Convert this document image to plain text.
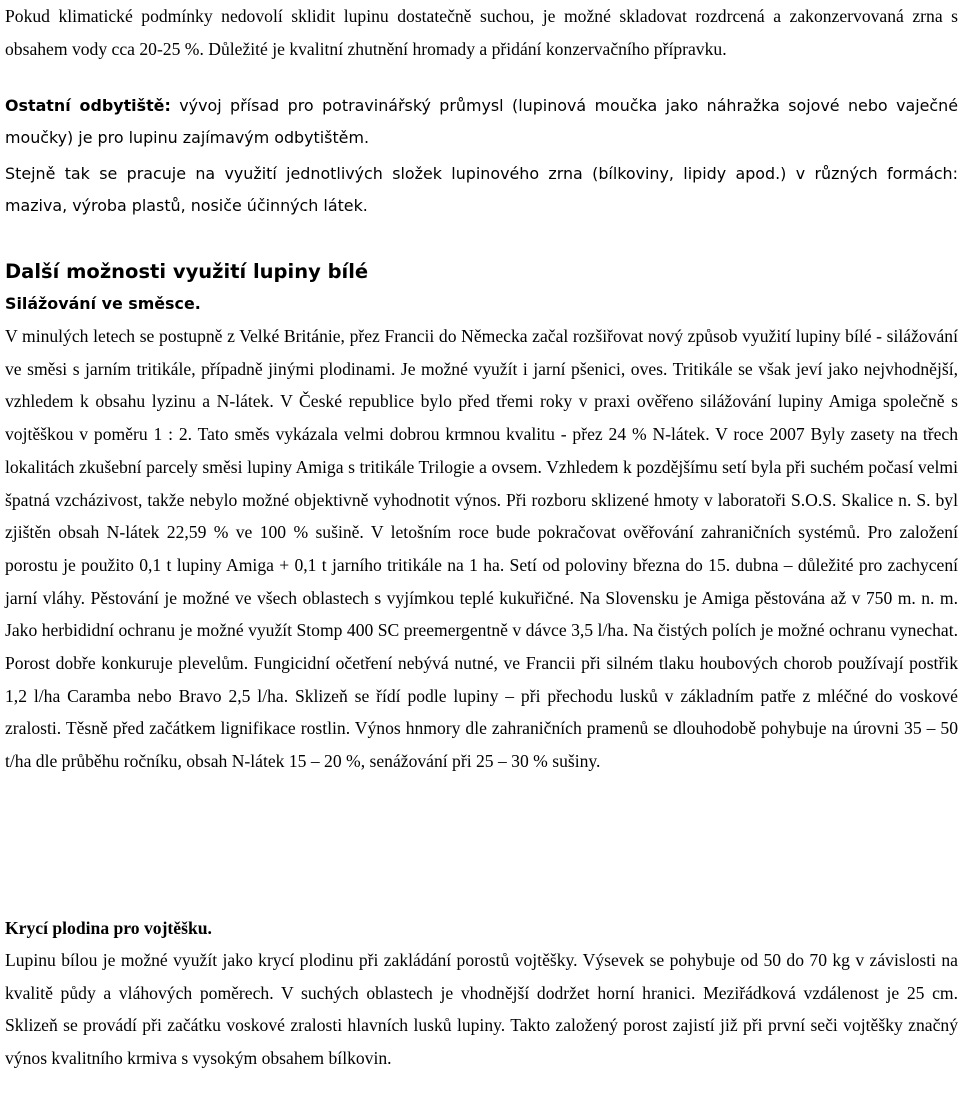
Pokud klimatické podmínky nedovolí sklidit lupinu dostatečně suchou, je možné skladovat rozdrcená a zakonzervovaná zrna s obsahem vody cca 20-25 %. Důležité je kvalitní zhutnění hromady a přidání konzervačního přípravku.

Ostatní odbytiště: vývoj přísad pro potravinářský průmysl (lupinová moučka jako náhražka sojové nebo vaječné moučky) je pro lupinu zajímavým odbytištěm.

Stejně tak se pracuje na využití jednotlivých složek lupinového zrna (bílkoviny, lipidy apod.) v různých formách: maziva, výroba plastů, nosiče účinných látek.

Další možnosti využití lupiny bílé
Silážování ve směsce.

V minulých letech se postupně z Velké Británie, přez Francii do Německa začal rozšiřovat nový způsob využití lupiny bílé - silážování ve směsi s jarním tritikále, případně jinými plodinami. Je možné využít i jarní pšenici, oves. Tritikále se však jeví jako nejvhodnější, vzhledem k obsahu lyzinu a N-látek. V České republice bylo před třemi roky v praxi ověřeno silážování lupiny Amiga společně s vojtěškou v poměru 1 : 2. Tato směs vykázala velmi dobrou krmnou kvalitu - přez 24 % N-látek. V roce 2007 Byly zasety na třech lokalitách zkušební parcely směsi lupiny Amiga s tritikále Trilogie a ovsem. Vzhledem k pozdějšímu setí byla při suchém počasí velmi špatná vzcházivost, takže nebylo možné objektivně vyhodnotit výnos. Při rozboru sklizené hmoty v laboratoři S.O.S. Skalice n. S. byl zjištěn obsah N-látek 22,59 % ve 100 % sušině. V letošním roce bude pokračovat ověřování zahraničních systémů. Pro založení porostu je použito 0,1 t lupiny Amiga + 0,1 t jarního tritikále na 1 ha. Setí od poloviny března do 15. dubna – důležité pro zachycení jarní vláhy. Pěstování je možné ve všech oblastech s vyjímkou teplé kukuřičné. Na Slovensku je Amiga pěstována až v 750 m. n. m. Jako herbididní ochranu je možné využít Stomp 400 SC preemergentně v dávce 3,5 l/ha. Na čistých polích je možné ochranu vynechat. Porost dobře konkuruje plevelům. Fungicidní očetření nebývá nutné, ve Francii při silném tlaku houbových chorob používají postřik 1,2 l/ha Caramba nebo Bravo 2,5 l/ha. Sklizeň se řídí podle lupiny – při přechodu lusků v základním patře z mléčné do voskové zralosti. Těsně před začátkem lignifikace rostlin. Výnos hnmory dle zahraničních pramenů se dlouhodobě pohybuje na úrovni 35 – 50 t/ha dle průběhu ročníku, obsah N-látek 15 – 20 %, senážování při 25 – 30 % sušiny.

Krycí plodina pro vojtěšku.

Lupinu bílou je možné využít jako krycí plodinu při zakládání porostů vojtěšky. Výsevek se pohybuje od 50 do 70 kg v závislosti na kvalitě půdy a vláhových poměrech. V suchých oblastech je vhodnější dodržet horní hranici. Meziřádková vzdálenost je 25 cm. Sklizeň se provádí při začátku voskové zralosti hlavních lusků lupiny. Takto založený porost zajistí již při první seči vojtěšky značný výnos kvalitního krmiva s vysokým obsahem bílkovin.
